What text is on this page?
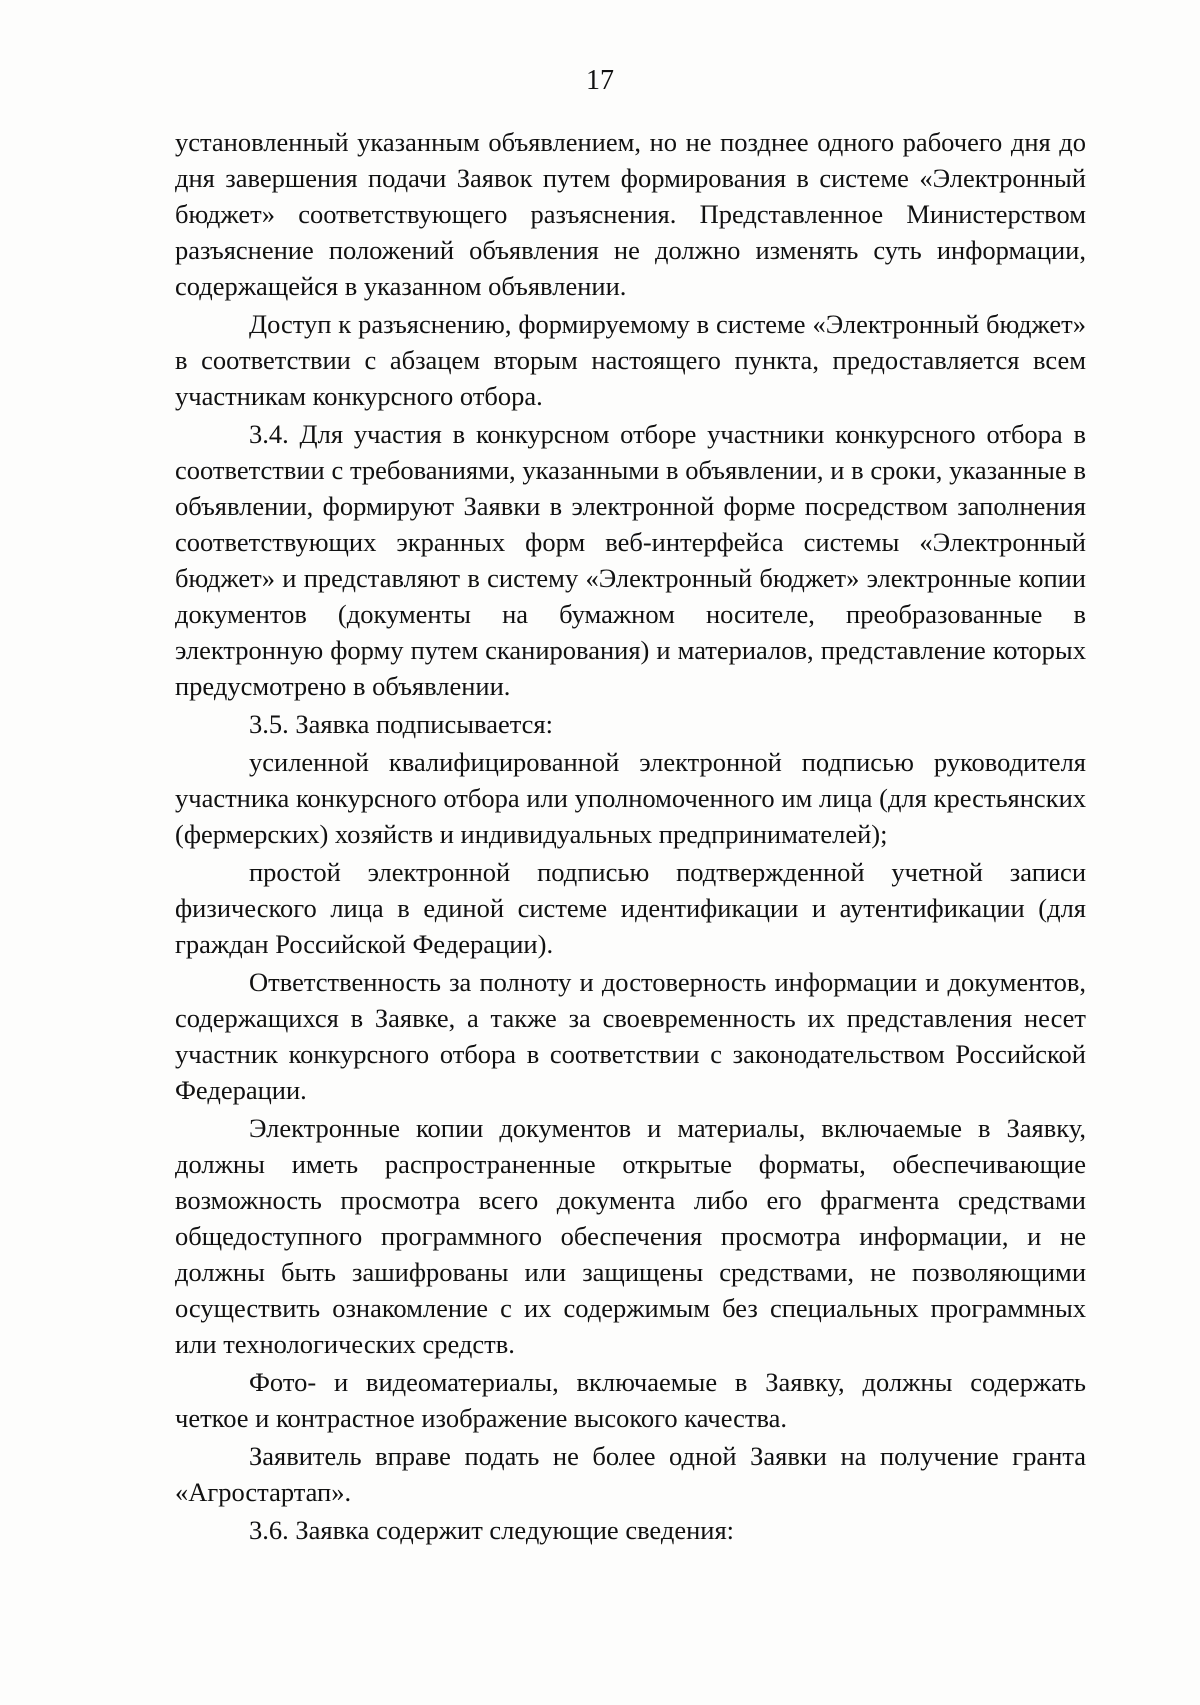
17

установленный указанным объявлением, но не позднее одного рабочего дня до дня завершения подачи Заявок путем формирования в системе «Электронный бюджет» соответствующего разъяснения. Представленное Министерством разъяснение положений объявления не должно изменять суть информации, содержащейся в указанном объявлении.

Доступ к разъяснению, формируемому в системе «Электронный бюджет» в соответствии с абзацем вторым настоящего пункта, предоставляется всем участникам конкурсного отбора.

3.4. Для участия в конкурсном отборе участники конкурсного отбора в соответствии с требованиями, указанными в объявлении, и в сроки, указанные в объявлении, формируют Заявки в электронной форме посредством заполнения соответствующих экранных форм веб-интерфейса системы «Электронный бюджет» и представляют в систему «Электронный бюджет» электронные копии документов (документы на бумажном носителе, преобразованные в электронную форму путем сканирования) и материалов, представление которых предусмотрено в объявлении.

3.5. Заявка подписывается:

усиленной квалифицированной электронной подписью руководителя участника конкурсного отбора или уполномоченного им лица (для крестьянских (фермерских) хозяйств и индивидуальных предпринимателей);

простой электронной подписью подтвержденной учетной записи физического лица в единой системе идентификации и аутентификации (для граждан Российской Федерации).

Ответственность за полноту и достоверность информации и документов, содержащихся в Заявке, а также за своевременность их представления несет участник конкурсного отбора в соответствии с законодательством Российской Федерации.

Электронные копии документов и материалы, включаемые в Заявку, должны иметь распространенные открытые форматы, обеспечивающие возможность просмотра всего документа либо его фрагмента средствами общедоступного программного обеспечения просмотра информации, и не должны быть зашифрованы или защищены средствами, не позволяющими осуществить ознакомление с их содержимым без специальных программных или технологических средств.

Фото- и видеоматериалы, включаемые в Заявку, должны содержать четкое и контрастное изображение высокого качества.

Заявитель вправе подать не более одной Заявки на получение гранта «Агростартап».

3.6. Заявка содержит следующие сведения:
